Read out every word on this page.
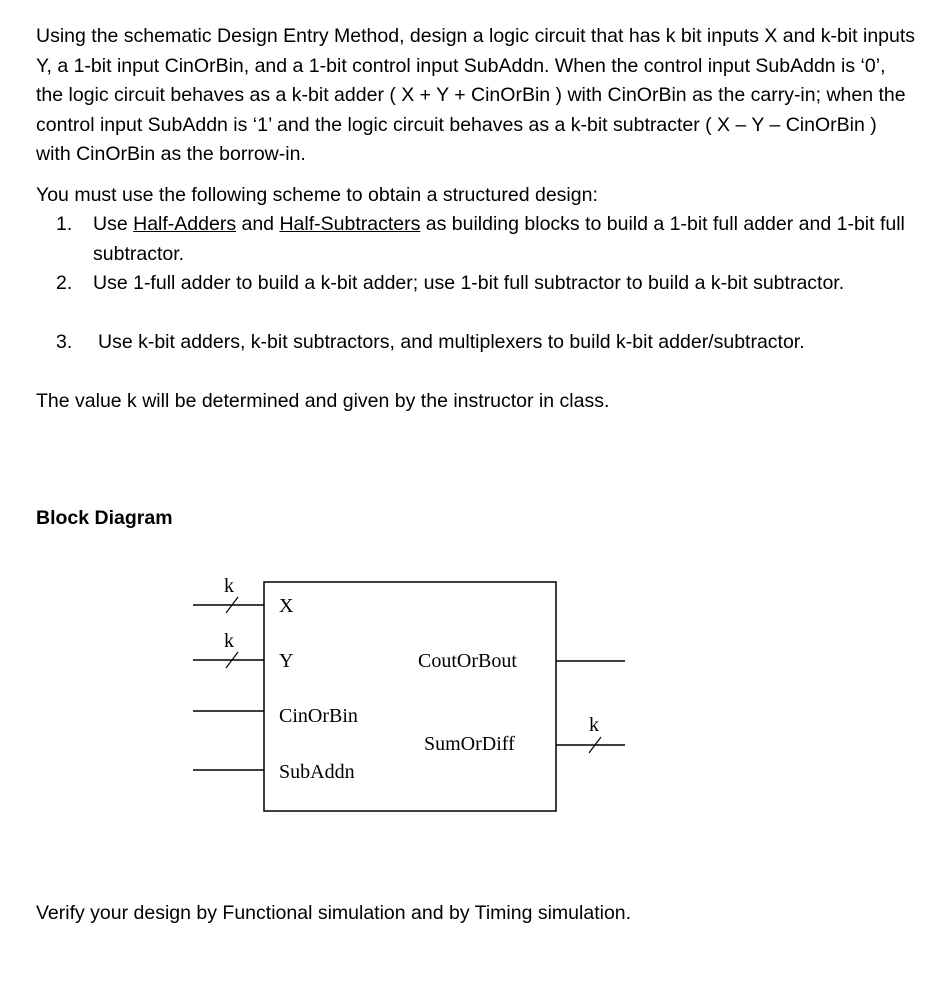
Using the schematic Design Entry Method, design a logic circuit that has k bit inputs X and k-bit inputs Y, a 1-bit input CinOrBin, and a 1-bit control input SubAddn. When the control input SubAddn is ‘0’, the logic circuit behaves as a k-bit adder ( X + Y + CinOrBin ) with CinOrBin as the carry-in; when the control input SubAddn is ‘1’ and the logic circuit behaves as a k-bit subtracter ( X – Y – CinOrBin ) with CinOrBin as the borrow-in.

You must use the following scheme to obtain a structured design:

1. Use Half-Adders and Half-Subtracters as building blocks to build a 1-bit full adder and 1-bit full subtractor.
2. Use 1-full adder to build a k-bit adder; use 1-bit full subtractor to build a k-bit subtractor.
3. Use k-bit adders, k-bit subtractors, and multiplexers to build k-bit adder/subtractor.

The value k will be determined and given by the instructor in class.

Block Diagram

k
k
k
X
Y
CinOrBin
SubAddn
CoutOrBout
SumOrDiff

Verify your design by Functional simulation and by Timing simulation.
